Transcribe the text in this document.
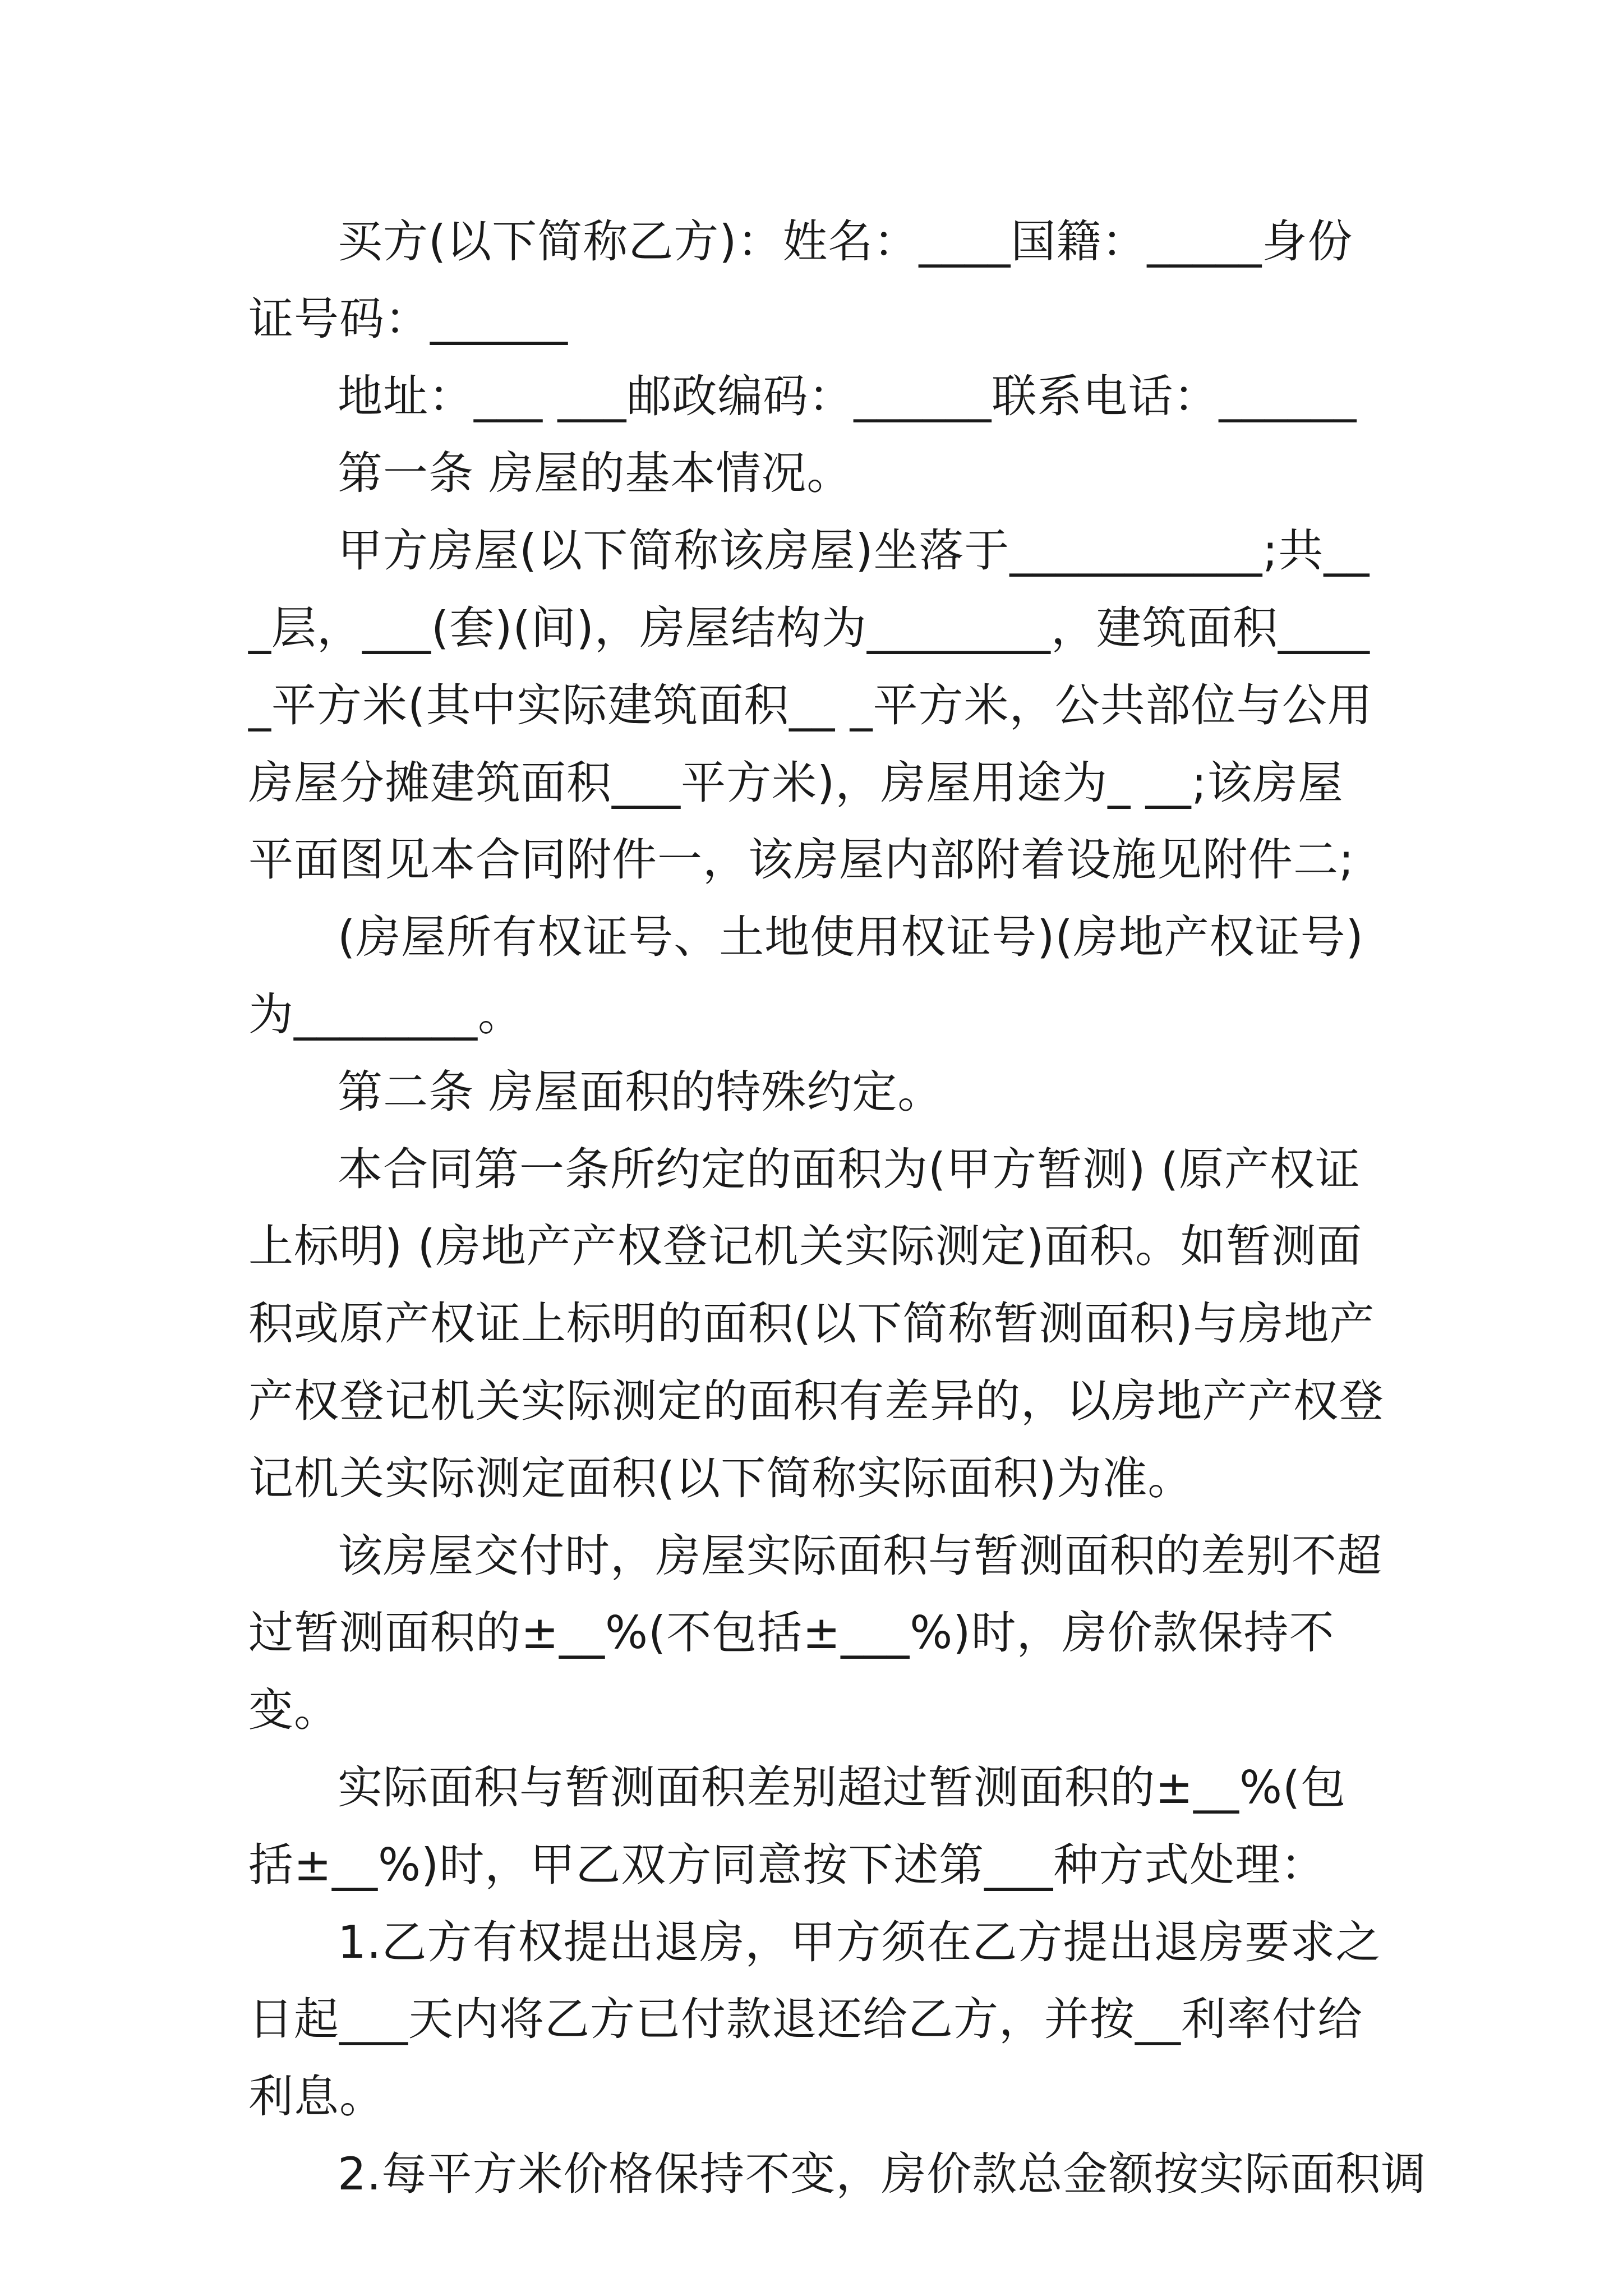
买方(以下简称乙方)：姓名：____国籍：_____身份证号码：______

地址：___ ___邮政编码：______联系电话：______

第一条 房屋的基本情况。

甲方房屋(以下简称该房屋)坐落于___________;共___层，___(套)(间)，房屋结构为________，建筑面积_____平方米(其中实际建筑面积__ _平方米，公共部位与公用房屋分摊建筑面积___平方米)，房屋用途为_ __;该房屋平面图见本合同附件一，该房屋内部附着设施见附件二;

(房屋所有权证号、土地使用权证号)(房地产权证号)为________。

第二条 房屋面积的特殊约定。

本合同第一条所约定的面积为(甲方暂测) (原产权证上标明) (房地产产权登记机关实际测定)面积。如暂测面积或原产权证上标明的面积(以下简称暂测面积)与房地产产权登记机关实际测定的面积有差异的，以房地产产权登记机关实际测定面积(以下简称实际面积)为准。

该房屋交付时，房屋实际面积与暂测面积的差别不超过暂测面积的±__%(不包括±___%)时，房价款保持不变。

实际面积与暂测面积差别超过暂测面积的±__%(包括±__%)时，甲乙双方同意按下述第___种方式处理：

1.乙方有权提出退房，甲方须在乙方提出退房要求之日起___天内将乙方已付款退还给乙方，并按__利率付给利息。

2.每平方米价格保持不变，房价款总金额按实际面积调
